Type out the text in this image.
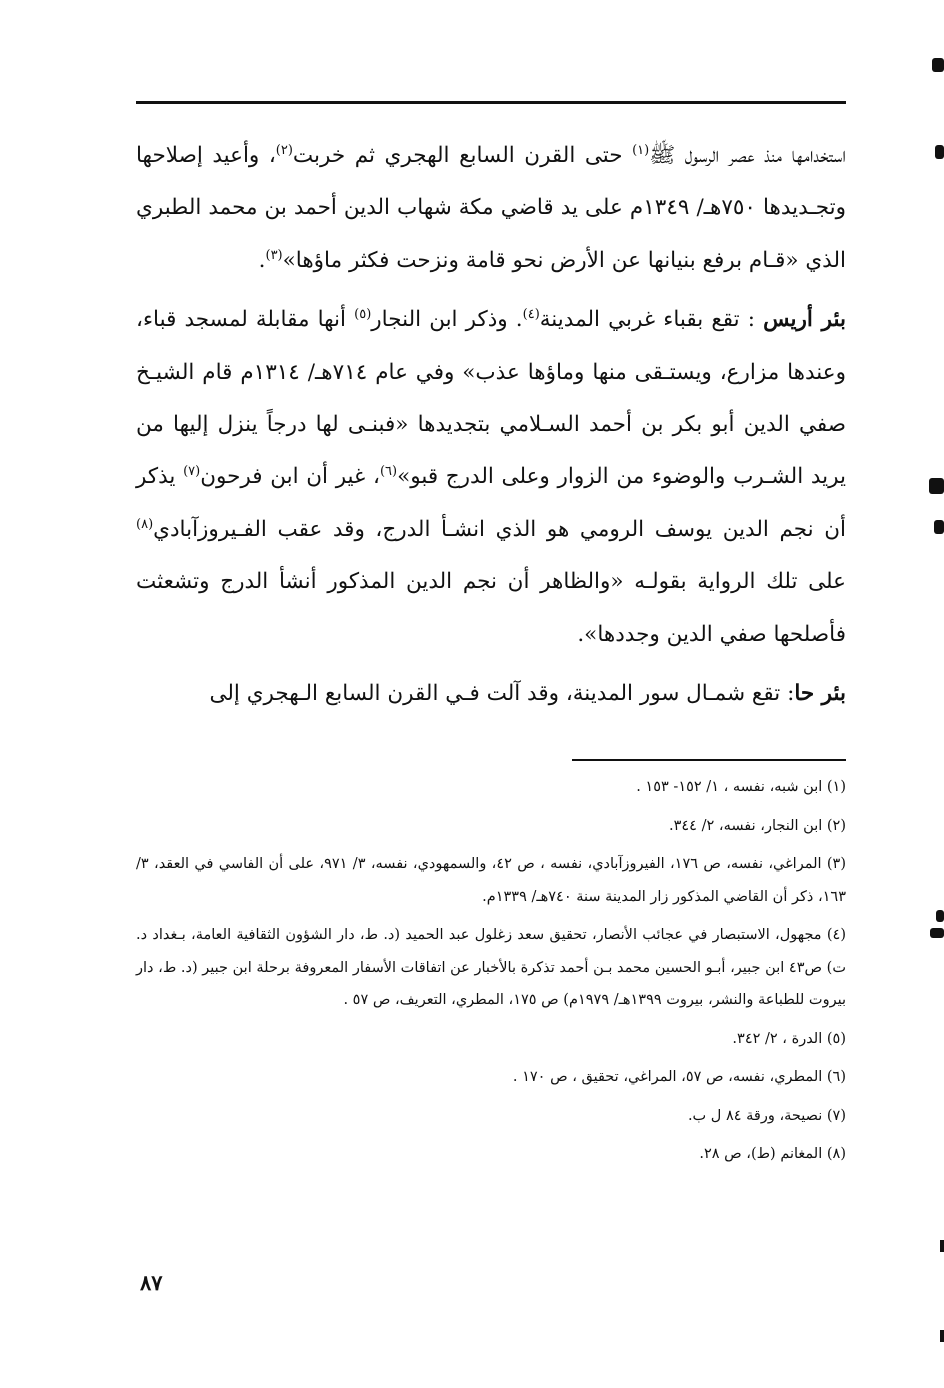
استخدامها منذ عصر الرسول ﷺ$^{(١)}$ حتى القرن السابع الهجري ثم خربت$^{(٢)}$، وأعيد إصلاحها وتجـديدها ٧٥٠هـ/ ١٣٤٩م على يد قاضي مكة شهاب الدين أحمد بن محمد الطبري الذي «قـام برفع بنيانها عن الأرض نحو قامة ونزحت فكثر ماؤها»$^{(٣)}$.

بئر أريس : تقع بقباء غربي المدينة$^{(٤)}$. وذكر ابن النجار$^{(٥)}$ أنها مقابلة لمسجد قباء، وعندها مزارع، ويستـقى منها وماؤها عذب» وفي عام ٧١٤هـ/ ١٣١٤م قام الشيـخ صفي الدين أبو بكر بن أحمد السـلامي بتجديدها «فبنـى لها درجاً ينزل إليها من يريد الشـرب والوضوء من الزوار وعلى الدرج قبو»$^{(٦)}$، غير أن ابن فرحون$^{(٧)}$ يذكر أن نجم الدين يوسف الرومي هو الذي انشـأ الدرج، وقد عقب الفـيروزآبادي$^{(٨)}$ على تلك الرواية بقولـه «والظاهر أن نجم الدين المذكور أنشأ الدرج وتشعثت فأصلحها صفي الدين وجددها».

بئر حا: تقع شمـال سور المدينة، وقد آلت فـي القرن السابع الـهجري إلى

(١) ابن شبه، نفسه ، ١/ ١٥٢- ١٥٣ .

(٢) ابن النجار، نفسه، ٢/ ٣٤٤.

(٣) المراغي، نفسه، ص ١٧٦، الفيروزآبادي، نفسه ، ص ٤٢، والسمهودي، نفسه، ٣/ ٩٧١، على أن الفاسي في العقد، ٣/ ١٦٣، ذكر أن القاضي المذكور زار المدينة سنة ٧٤٠هـ/ ١٣٣٩م.

(٤) مجهول، الاستبصار في عجائب الأنصار، تحقيق سعد زغلول عبد الحميد (د. ط، دار الشؤون الثقافية العامة، بـغداد د. ت) ص٤٣ ابن جبير، أبـو الحسين محمد بـن أحمد تذكرة بالأخبار عن اتفاقات الأسفار المعروفة برحلة ابن جبير (د. ط، دار بيروت للطباعة والنشر، بيروت ١٣٩٩هـ/ ١٩٧٩م) ص ١٧٥، المطري، التعريف، ص ٥٧ .

(٥) الدرة ، ٢/ ٣٤٢.

(٦) المطري، نفسه، ص ٥٧، المراغي، تحقيق ، ص ١٧٠ .

(٧) نصيحة، ورقة ٨٤ ل ب.

(٨) المغانم (ط)، ص ٢٨.

٨٧
